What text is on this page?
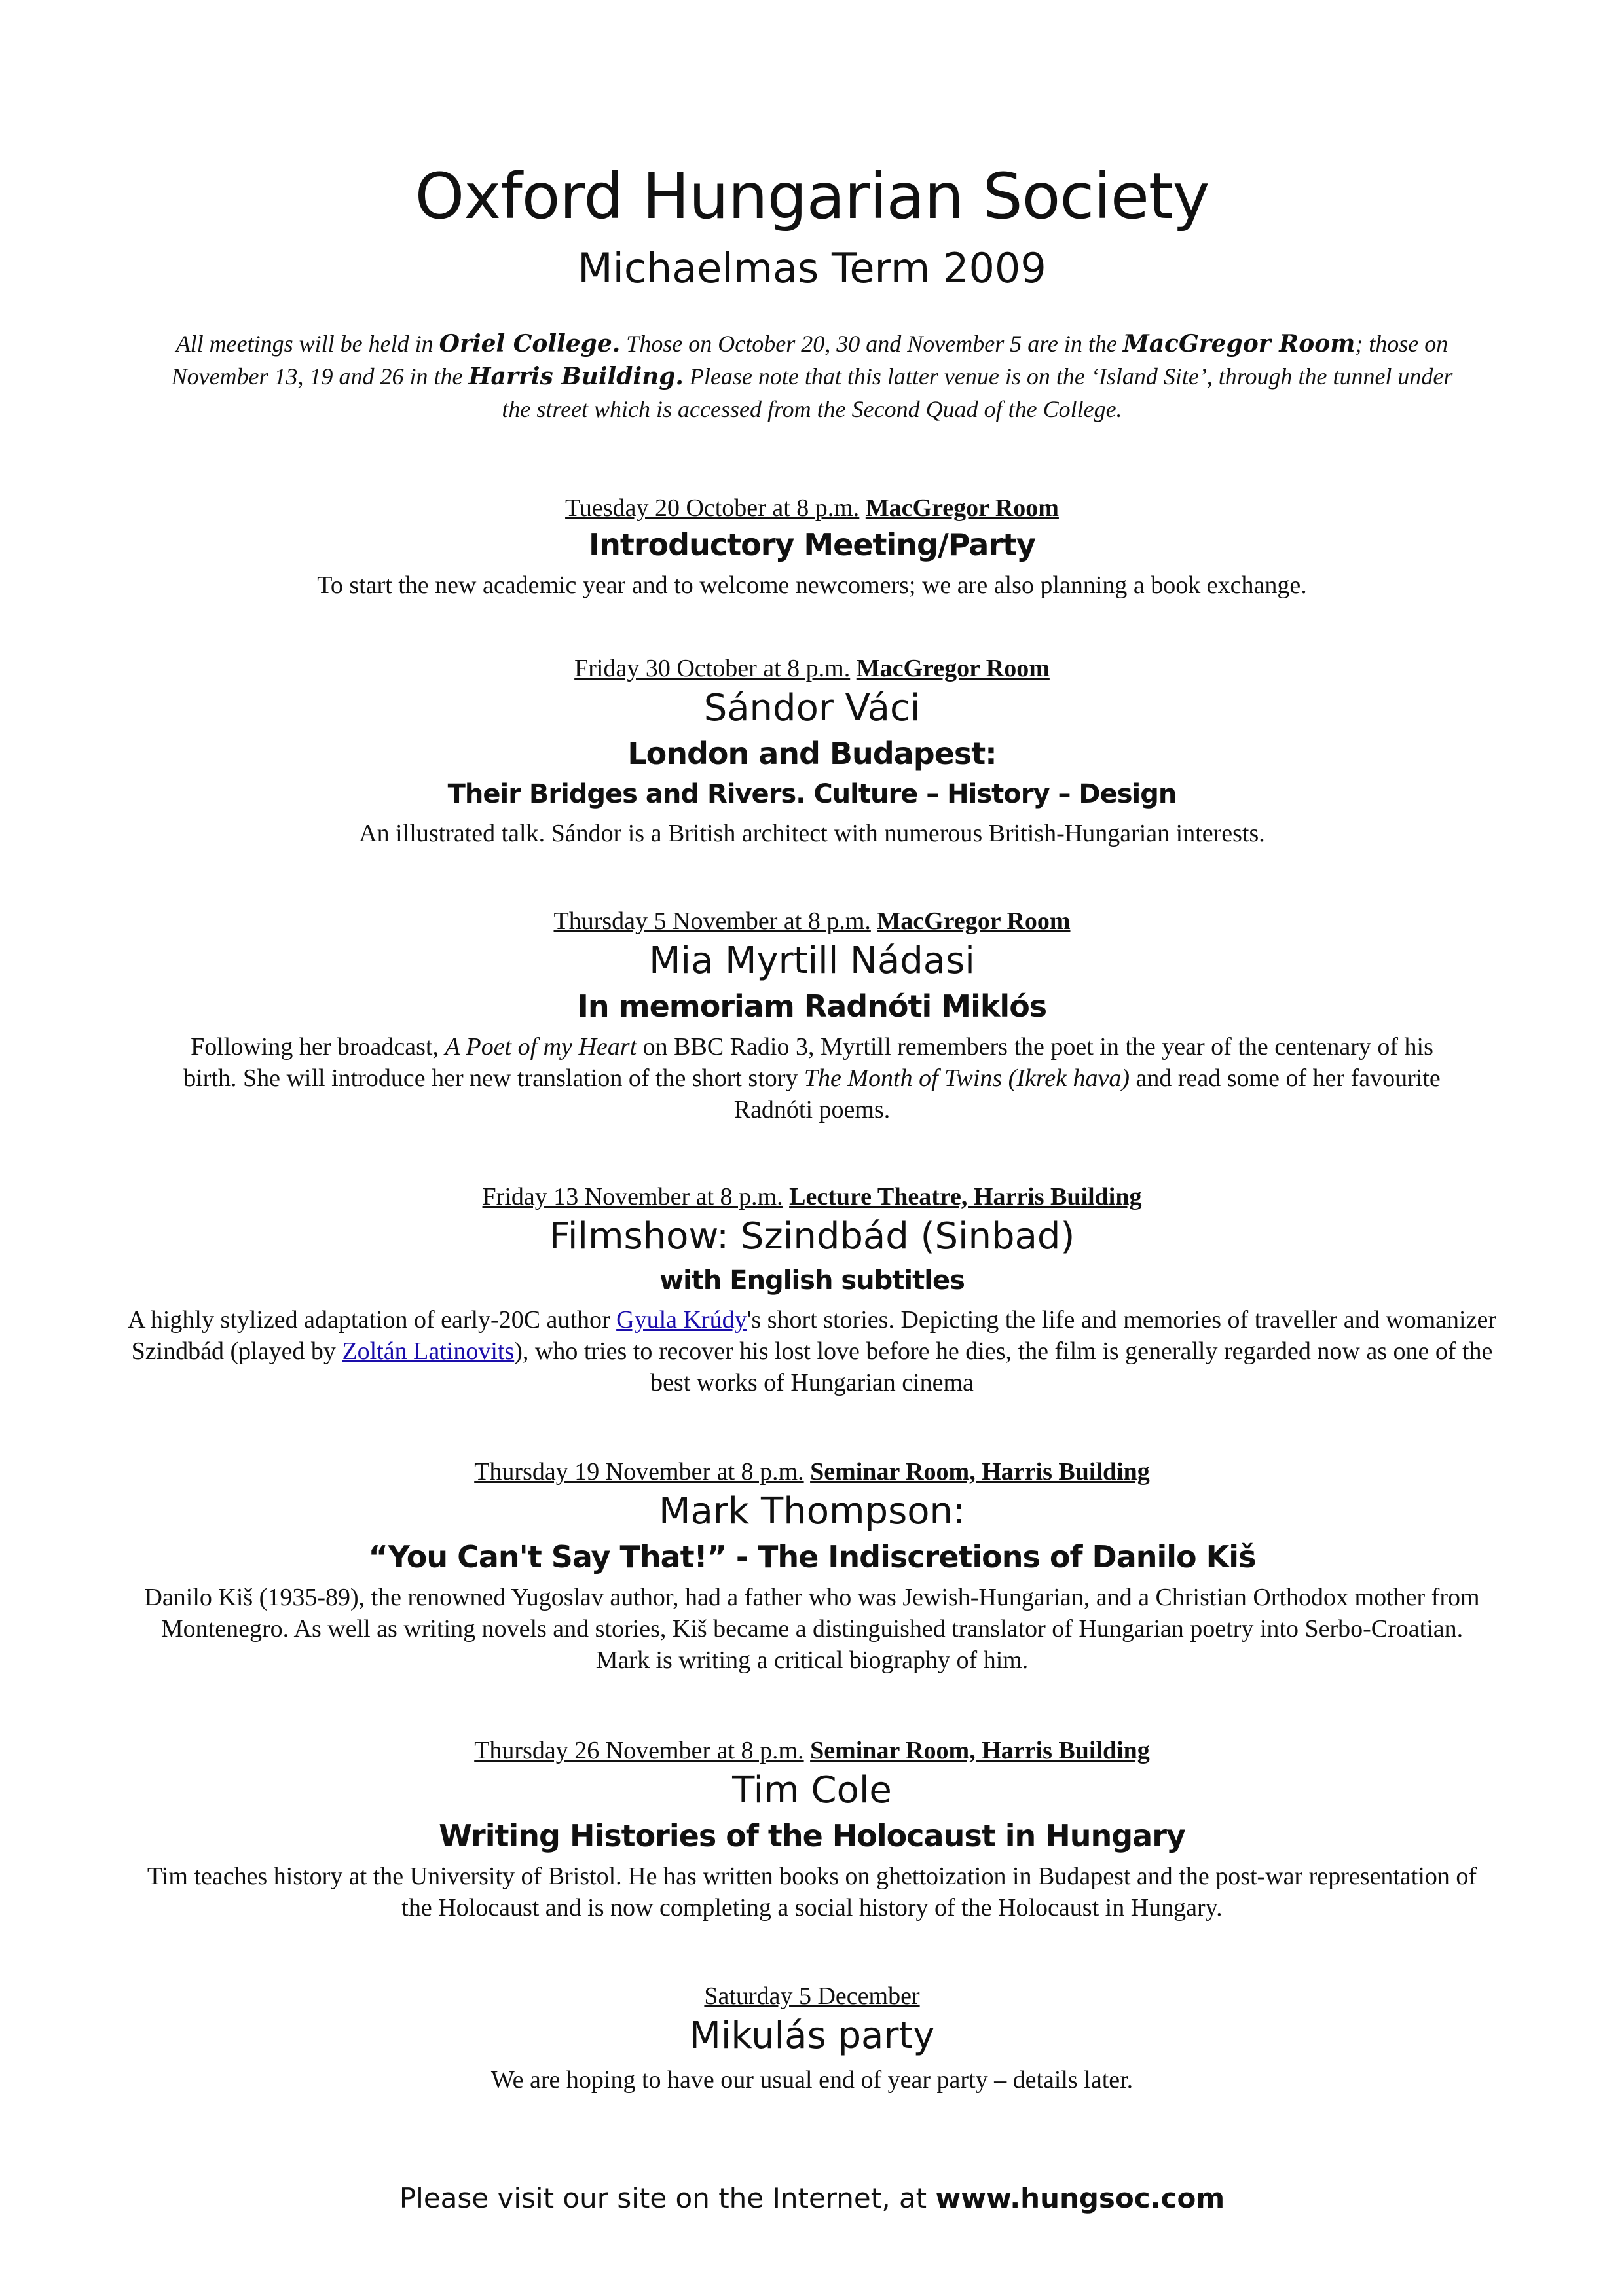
Oxford Hungarian Society
Michaelmas Term 2009
All meetings will be held in Oriel College. Those on October 20, 30 and November 5 are in the MacGregor Room; those on November 13, 19 and 26 in the Harris Building. Please note that this latter venue is on the ‘Island Site’, through the tunnel under the street which is accessed from the Second Quad of the College.
Tuesday 20 October at 8 p.m. MacGregor Room
Introductory Meeting/Party
To start the new academic year and to welcome newcomers; we are also planning a book exchange.
Friday 30 October at 8 p.m. MacGregor Room
Sándor Váci
London and Budapest:
Their Bridges and Rivers. Culture – History – Design
An illustrated talk. Sándor is a British architect with numerous British-Hungarian interests.
Thursday 5 November at 8 p.m. MacGregor Room
Mia Myrtill Nádasi
In memoriam Radnóti Miklós
Following her broadcast, A Poet of my Heart on BBC Radio 3, Myrtill remembers the poet in the year of the centenary of his birth. She will introduce her new translation of the short story The Month of Twins (Ikrek hava) and read some of her favourite Radnóti poems.
Friday 13 November at 8 p.m. Lecture Theatre, Harris Building
Filmshow: Szindbád (Sinbad)
with English subtitles
A highly stylized adaptation of early-20C author Gyula Krúdy's short stories. Depicting the life and memories of traveller and womanizer Szindbád (played by Zoltán Latinovits), who tries to recover his lost love before he dies, the film is generally regarded now as one of the best works of Hungarian cinema
Thursday 19 November at 8 p.m. Seminar Room, Harris Building
Mark Thompson:
“You Can't Say That!” - The Indiscretions of Danilo Kiš
Danilo Kiš (1935-89), the renowned Yugoslav author, had a father who was Jewish-Hungarian, and a Christian Orthodox mother from Montenegro. As well as writing novels and stories, Kiš became a distinguished translator of Hungarian poetry into Serbo-Croatian. Mark is writing a critical biography of him.
Thursday 26 November at 8 p.m. Seminar Room, Harris Building
Tim Cole
Writing Histories of the Holocaust in Hungary
Tim teaches history at the University of Bristol. He has written books on ghettoization in Budapest and the post-war representation of the Holocaust and is now completing a social history of the Holocaust in Hungary.
Saturday 5 December
Mikulás party
We are hoping to have our usual end of year party – details later.
Please visit our site on the Internet, at www.hungsoc.com
